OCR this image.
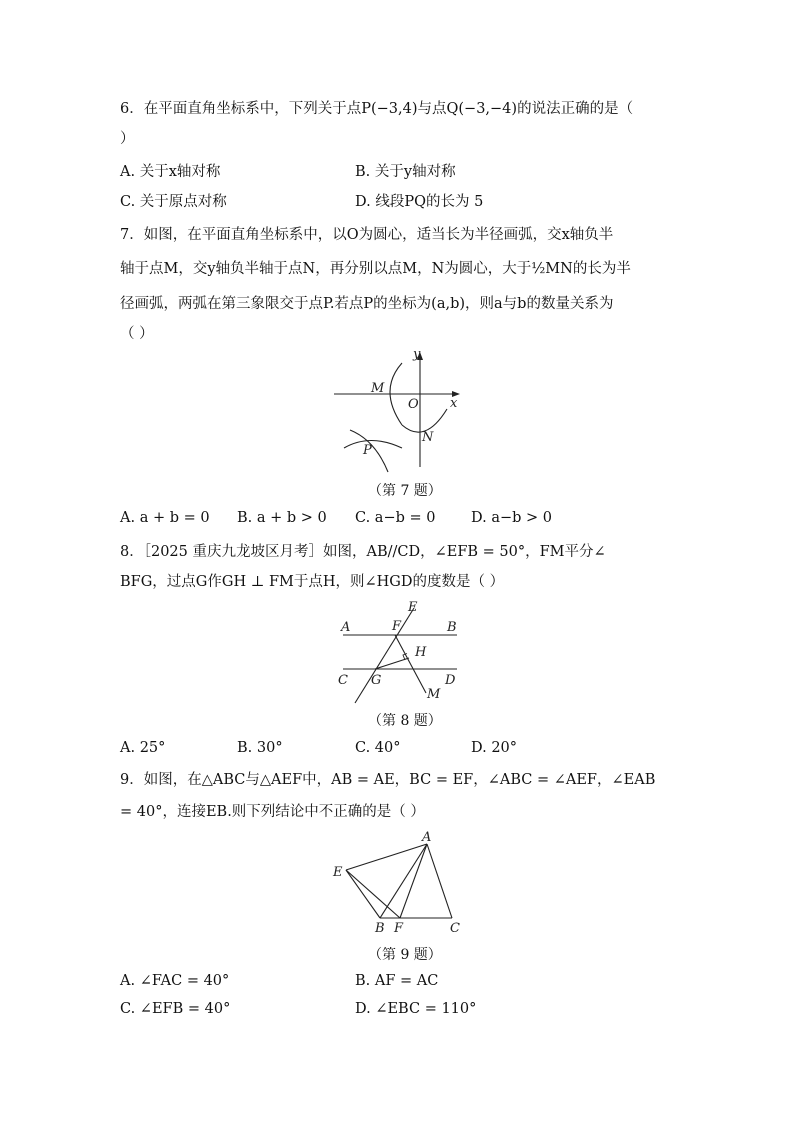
6．在平面直角坐标系中，下列关于点P(−3,4)与点Q(−3,−4)的说法正确的是（
）
A. 关于x轴对称	B. 关于y轴对称
C. 关于原点对称	D. 线段PQ的长为 5
7．如图，在平面直角坐标系中，以O为圆心，适当长为半径画弧，交x轴负半
轴于点M，交y轴负半轴于点N，再分别以点M，N为圆心，大于½MN的长为半
径画弧，两弧在第三象限交于点P.若点P的坐标为(a,b)，则a与b的数量关系为
（ ）
y
x
O
M
N
P
（第 7 题）
A. a + b = 0 B. a + b > 0 C. a−b = 0 D. a−b > 0
8．［2025 重庆九龙坡区月考］如图，AB//CD，∠EFB = 50°，FM平分∠
BFG，过点G作GH ⊥ FM于点H，则∠HGD的度数是（ ）
A	B
C	D
E
F
G
H
M
（第 8 题）
A. 25°	B. 30°	C. 40°	D. 20°
9．如图，在△ABC与△AEF中，AB = AE，BC = EF，∠ABC = ∠AEF，∠EAB
= 40°，连接EB.则下列结论中不正确的是（ ）
A
E
B F	C
（第 9 题）
A. ∠FAC = 40°	B. AF = AC
C. ∠EFB = 40°	D. ∠EBC = 110°
